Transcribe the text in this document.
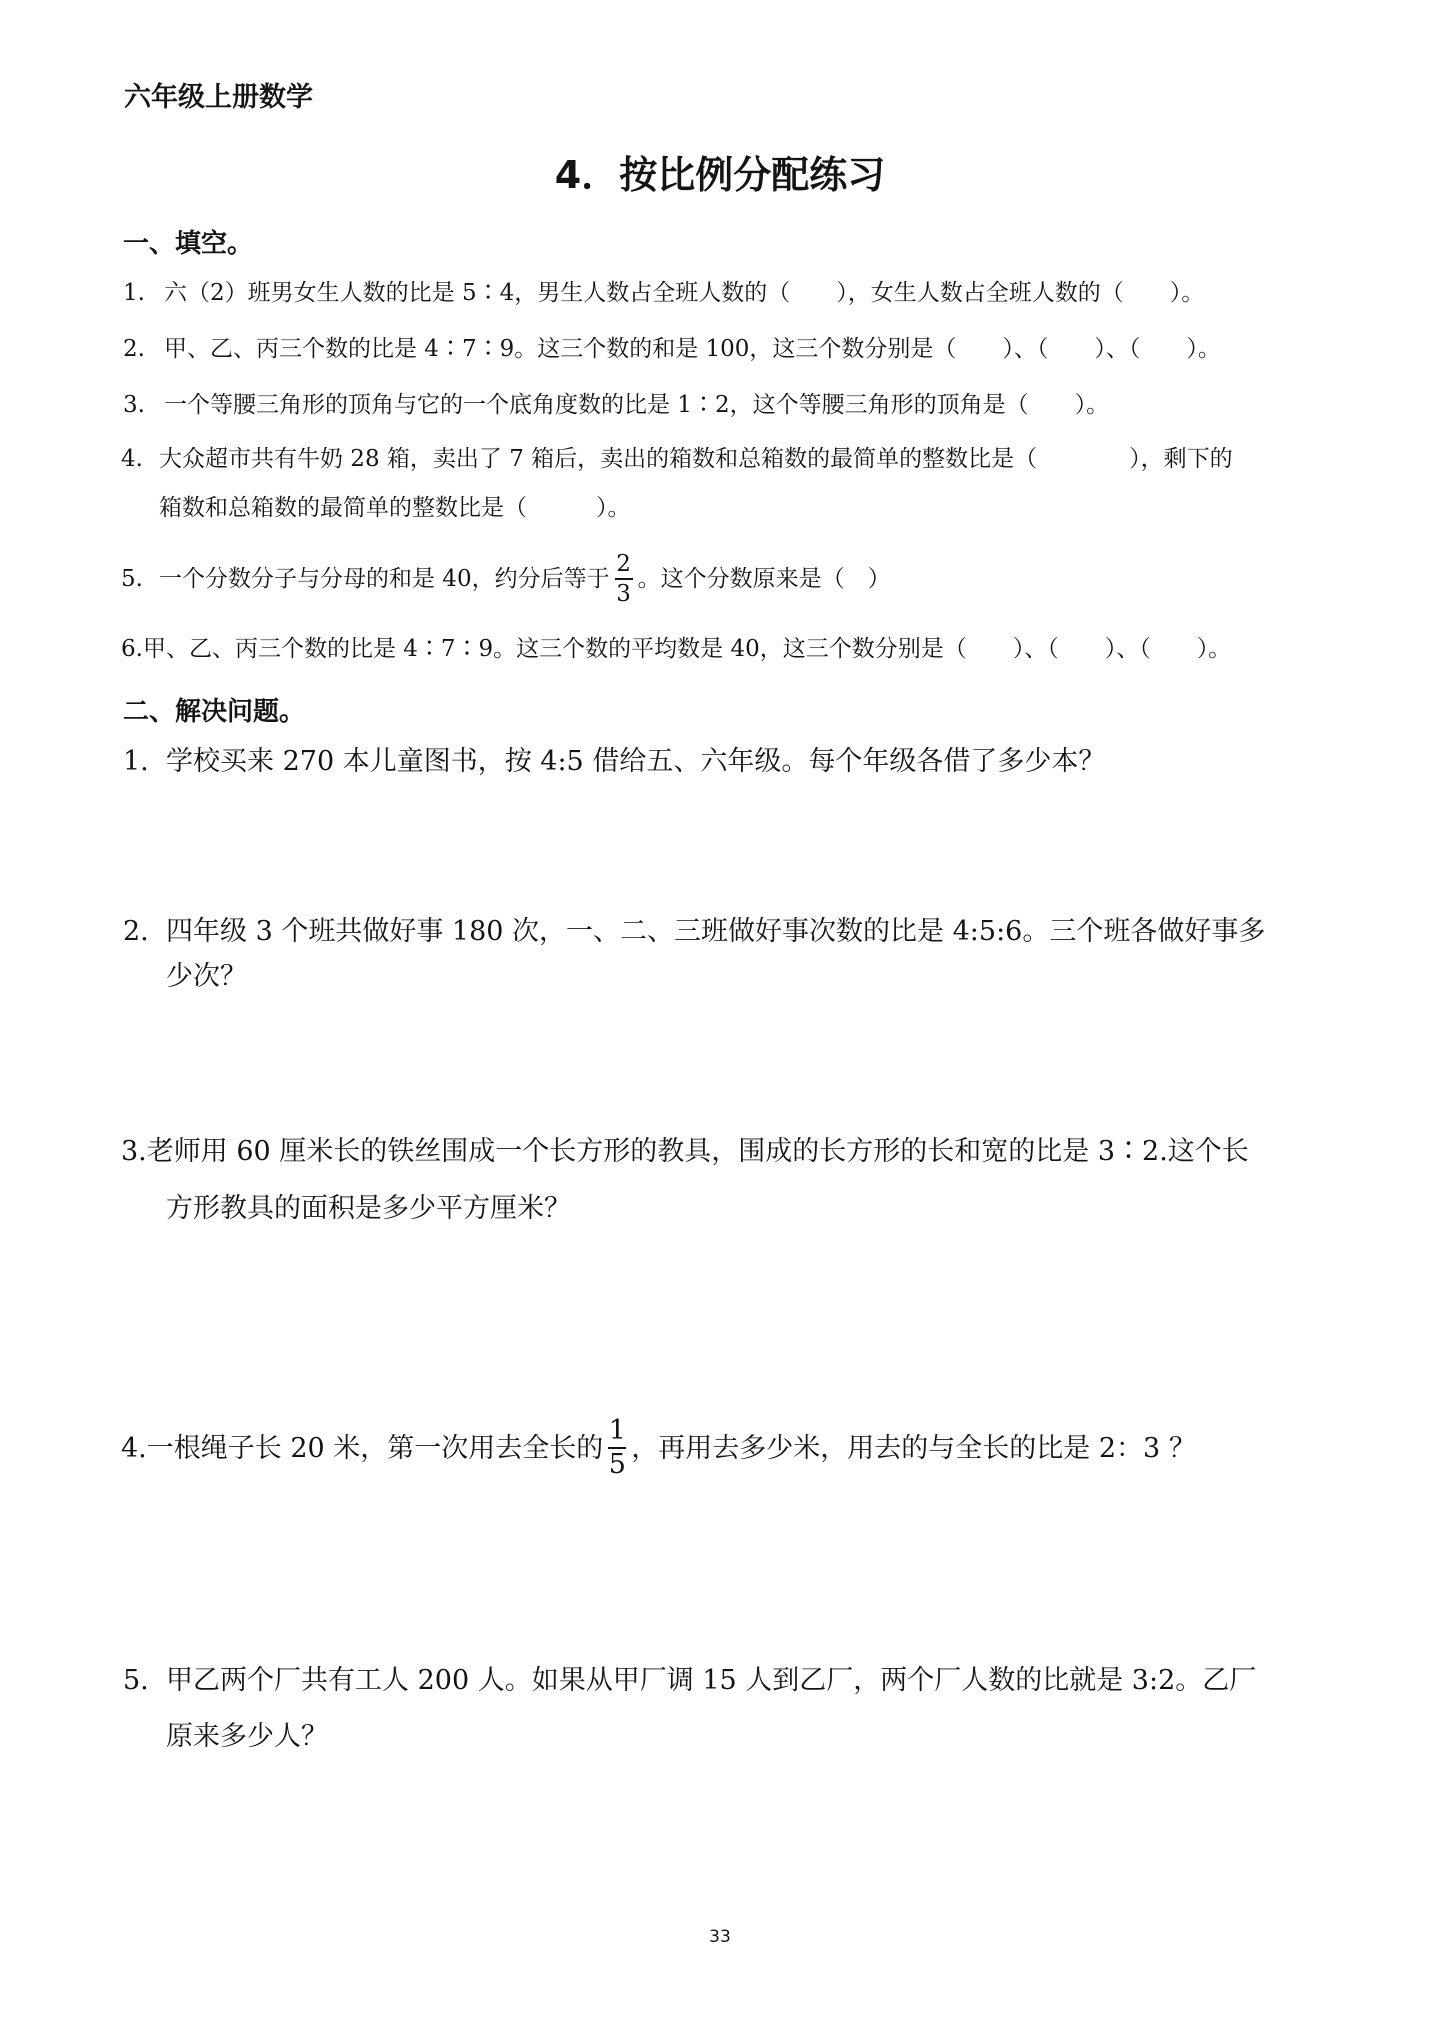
六年级上册数学
4．按比例分配练习
一、填空。
1. 六（2）班男女生人数的比是 5∶4，男生人数占全班人数的（　　），女生人数占全班人数的（　　）。
2. 甲、乙、丙三个数的比是 4∶7∶9。这三个数的和是 100，这三个数分别是（　　）、（　　）、（　　）。
3. 一个等腰三角形的顶角与它的一个底角度数的比是 1∶2，这个等腰三角形的顶角是（　　）。
4. 大众超市共有牛奶 28 箱，卖出了 7 箱后，卖出的箱数和总箱数的最简单的整数比是（　　　　），剩下的
箱数和总箱数的最简单的整数比是（　　　）。
5. 一个分数分子与分母的和是 40，约分后等于 $\frac{2}{3}$ 。这个分数原来是（　）
6. 甲、乙、丙三个数的比是 4∶7∶9。这三个数的平均数是 40，这三个数分别是（　　）、（　　）、（　　）。
二、解决问题。
1. 学校买来 270 本儿童图书，按 4:5 借给五、六年级。每个年级各借了多少本？
2. 四年级 3 个班共做好事 180 次，一、二、三班做好事次数的比是 4:5:6。三个班各做好事多
少次？
3. 老师用 60 厘米长的铁丝围成一个长方形的教具，围成的长方形的长和宽的比是 3∶2.这个长
方形教具的面积是多少平方厘米？
4. 一根绳子长 20 米，第一次用去全长的 $\frac{1}{5}$ ，再用去多少米，用去的与全长的比是 2：3 ？
5. 甲乙两个厂共有工人 200 人。如果从甲厂调 15 人到乙厂，两个厂人数的比就是 3:2。乙厂
原来多少人？
33
